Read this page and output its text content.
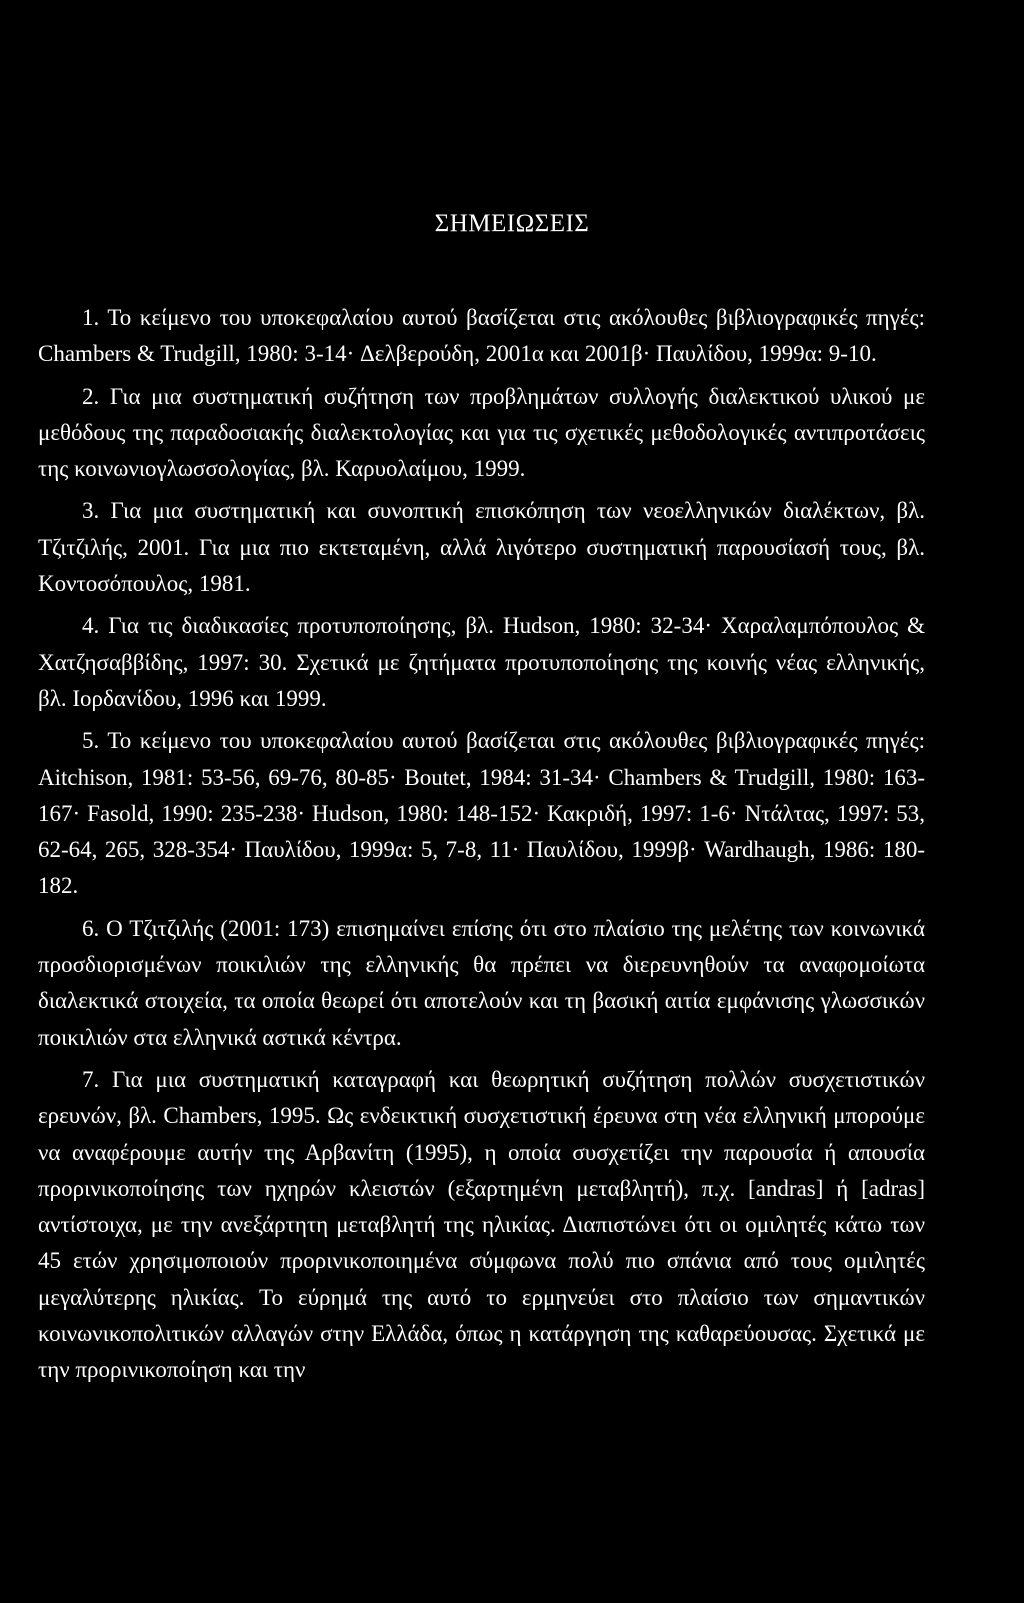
ΣΗΜΕΙΩΣΕΙΣ

1. Το κείμενο του υποκεφαλαίου αυτού βασίζεται στις ακόλουθες βιβλιογραφικές πηγές: Chambers & Trudgill, 1980: 3-14· Δελβερούδη, 2001α και 2001β· Παυλίδου, 1999α: 9-10.

2. Για μια συστηματική συζήτηση των προβλημάτων συλλογής διαλεκτικού υλικού με μεθόδους της παραδοσιακής διαλεκτολογίας και για τις σχετικές μεθοδολογικές αντιπροτάσεις της κοινωνιογλωσσολογίας, βλ. Καρυολαίμου, 1999.

3. Για μια συστηματική και συνοπτική επισκόπηση των νεοελληνικών διαλέκτων, βλ. Τζιτζιλής, 2001. Για μια πιο εκτεταμένη, αλλά λιγότερο συστηματική παρουσίασή τους, βλ. Κοντοσόπουλος, 1981.

4. Για τις διαδικασίες προτυποποίησης, βλ. Hudson, 1980: 32-34· Χαραλαμπόπουλος & Χατζησαββίδης, 1997: 30. Σχετικά με ζητήματα προτυποποίησης της κοινής νέας ελληνικής, βλ. Ιορδανίδου, 1996 και 1999.

5. Το κείμενο του υποκεφαλαίου αυτού βασίζεται στις ακόλουθες βιβλιογραφικές πηγές: Aitchison, 1981: 53-56, 69-76, 80-85· Boutet, 1984: 31-34· Chambers & Trudgill, 1980: 163-167· Fasold, 1990: 235-238· Hudson, 1980: 148-152· Κακριδή, 1997: 1-6· Ντάλτας, 1997: 53, 62-64, 265, 328-354· Παυλίδου, 1999α: 5, 7-8, 11· Παυλίδου, 1999β· Wardhaugh, 1986: 180-182.

6. Ο Τζιτζιλής (2001: 173) επισημαίνει επίσης ότι στο πλαίσιο της μελέτης των κοινωνικά προσδιορισμένων ποικιλιών της ελληνικής θα πρέπει να διερευνηθούν τα αναφομοίωτα διαλεκτικά στοιχεία, τα οποία θεωρεί ότι αποτελούν και τη βασική αιτία εμφάνισης γλωσσικών ποικιλιών στα ελληνικά αστικά κέντρα.

7. Για μια συστηματική καταγραφή και θεωρητική συζήτηση πολλών συσχετιστικών ερευνών, βλ. Chambers, 1995. Ως ενδεικτική συσχετιστική έρευνα στη νέα ελληνική μπορούμε να αναφέρουμε αυτήν της Αρβανίτη (1995), η οποία συσχετίζει την παρουσία ή απουσία προρινικοποίησης των ηχηρών κλειστών (εξαρτημένη μεταβλητή), π.χ. [andras] ή [adras] αντίστοιχα, με την ανεξάρτητη μεταβλητή της ηλικίας. Διαπιστώνει ότι οι ομιλητές κάτω των 45 ετών χρησιμοποιούν προρινικοποιημένα σύμφωνα πολύ πιο σπάνια από τους ομιλητές μεγαλύτερης ηλικίας. Το εύρημά της αυτό το ερμηνεύει στο πλαίσιο των σημαντικών κοινωνικοπολιτικών αλλαγών στην Ελλάδα, όπως η κατάργηση της καθαρεύουσας. Σχετικά με την προρινικοποίηση και την
